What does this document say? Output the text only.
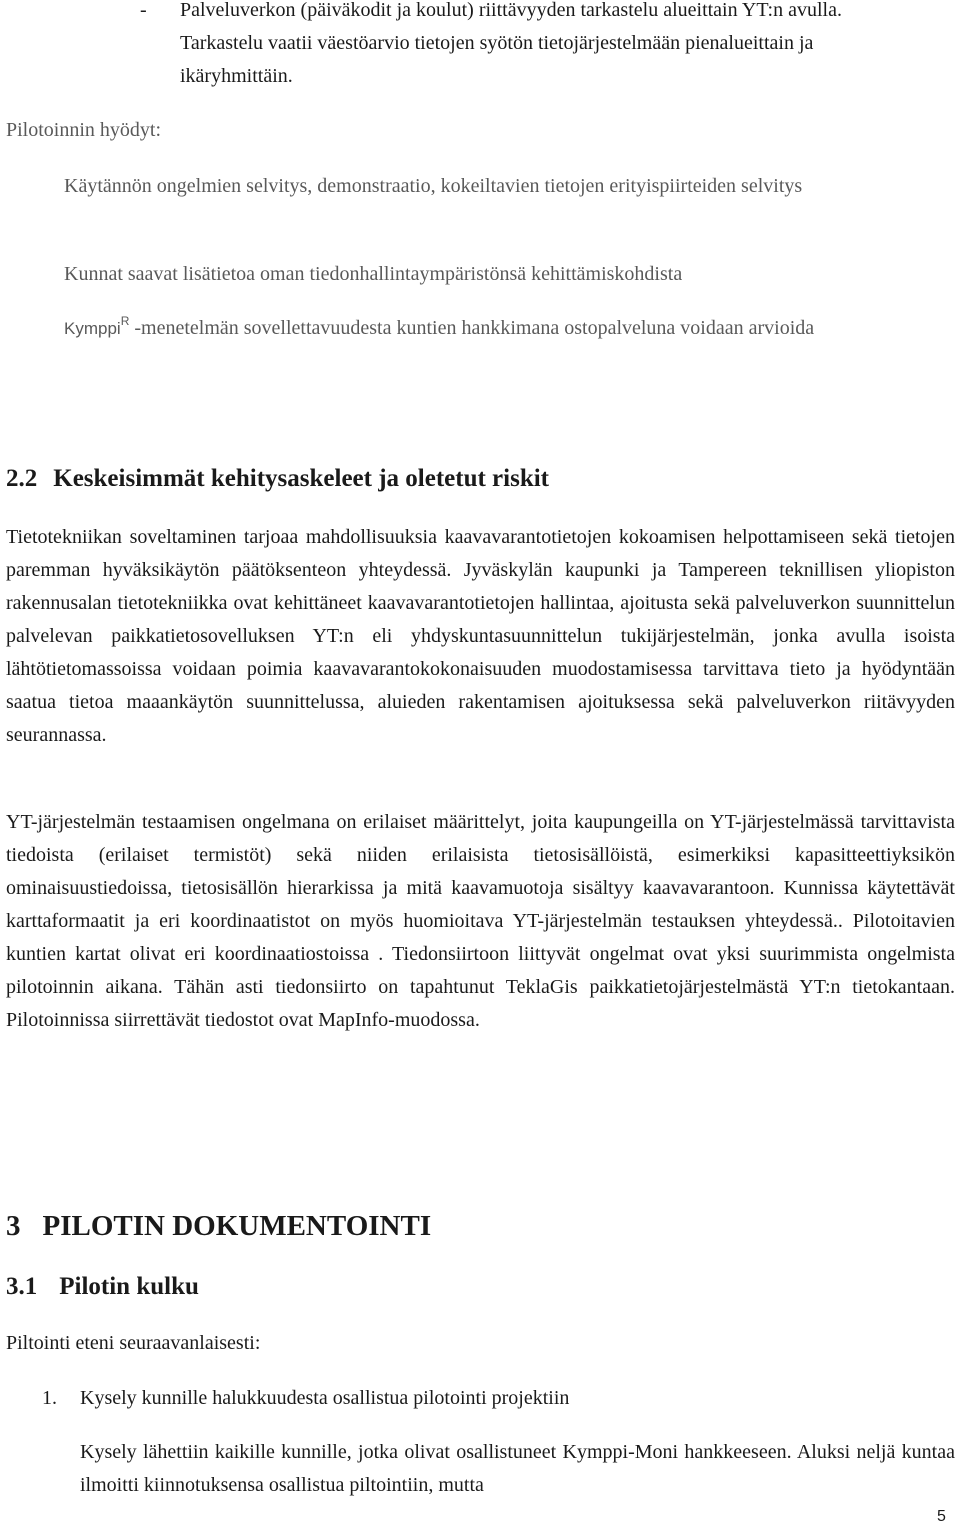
- Palveluverkon (päiväkodit ja koulut) riittävyyden tarkastelu alueittain YT:n avulla. Tarkastelu vaatii väestöarvio tietojen syötön tietojärjestelmään pienalueittain ja ikäryhmittäin.

Pilotoinnin hyödyt:

Käytännön ongelmien selvitys, demonstraatio, kokeiltavien tietojen erityispiirteiden selvitys

Kunnat saavat lisätietoa oman tiedonhallintaympäristönsä kehittämiskohdista

Kymppi$^R$ -menetelmän sovellettavuudesta kuntien hankkimana ostopalveluna voidaan arvioida

2.2 Keskeisimmät kehitysaskeleet ja oletetut riskit

Tietotekniikan soveltaminen tarjoaa mahdollisuuksia kaavavarantotietojen kokoamisen helpottamiseen sekä tietojen paremman hyväksikäytön päätöksenteon yhteydessä. Jyväskylän kaupunki ja Tampereen teknillisen yliopiston rakennusalan tietotekniikka ovat kehittäneet kaavavarantotietojen hallintaa, ajoitusta sekä palveluverkon suunnittelun palvelevan paikkatietosovelluksen YT:n eli yhdyskuntasuunnittelun tukijärjestelmän, jonka avulla isoista lähtötietomassoissa voidaan poimia kaavavarantokokonaisuuden muodostamisessa tarvittava tieto ja hyödyntään saatua tietoa maaankäytön suunnittelussa, aluieden rakentamisen ajoituksessa sekä palveluverkon riitävyyden seurannassa.

YT-järjestelmän testaamisen ongelmana on erilaiset määrittelyt, joita kaupungeilla on YT-järjestelmässä tarvittavista tiedoista (erilaiset termistöt) sekä niiden erilaisista tietosisällöistä, esimerkiksi kapasitteettiyksikön ominaisuustiedoissa, tietosisällön hierarkissa ja mitä kaavamuotoja sisältyy kaavavarantoon. Kunnissa käytettävät karttaformaatit ja eri koordinaatistot on myös huomioitava YT-järjestelmän testauksen yhteydessä.. Pilotoitavien kuntien kartat olivat eri koordinaatiostoissa . Tiedonsiirtoon liittyvät ongelmat ovat yksi suurimmista ongelmista pilotoinnin aikana. Tähän asti tiedonsiirto on tapahtunut TeklaGis paikkatietojärjestelmästä YT:n tietokantaan. Pilotoinnissa siirrettävät tiedostot ovat MapInfo-muodossa.

3 PILOTIN DOKUMENTOINTI
3.1 Pilotin kulku

Piltointi eteni seuraavanlaisesti:

1. Kysely kunnille halukkuudesta osallistua pilotointi projektiin

Kysely lähettiin kaikille kunnille, jotka olivat osallistuneet Kymppi-Moni hankkeeseen. Aluksi neljä kuntaa ilmoitti kiinnotuksensa osallistua piltointiin, mutta

5
